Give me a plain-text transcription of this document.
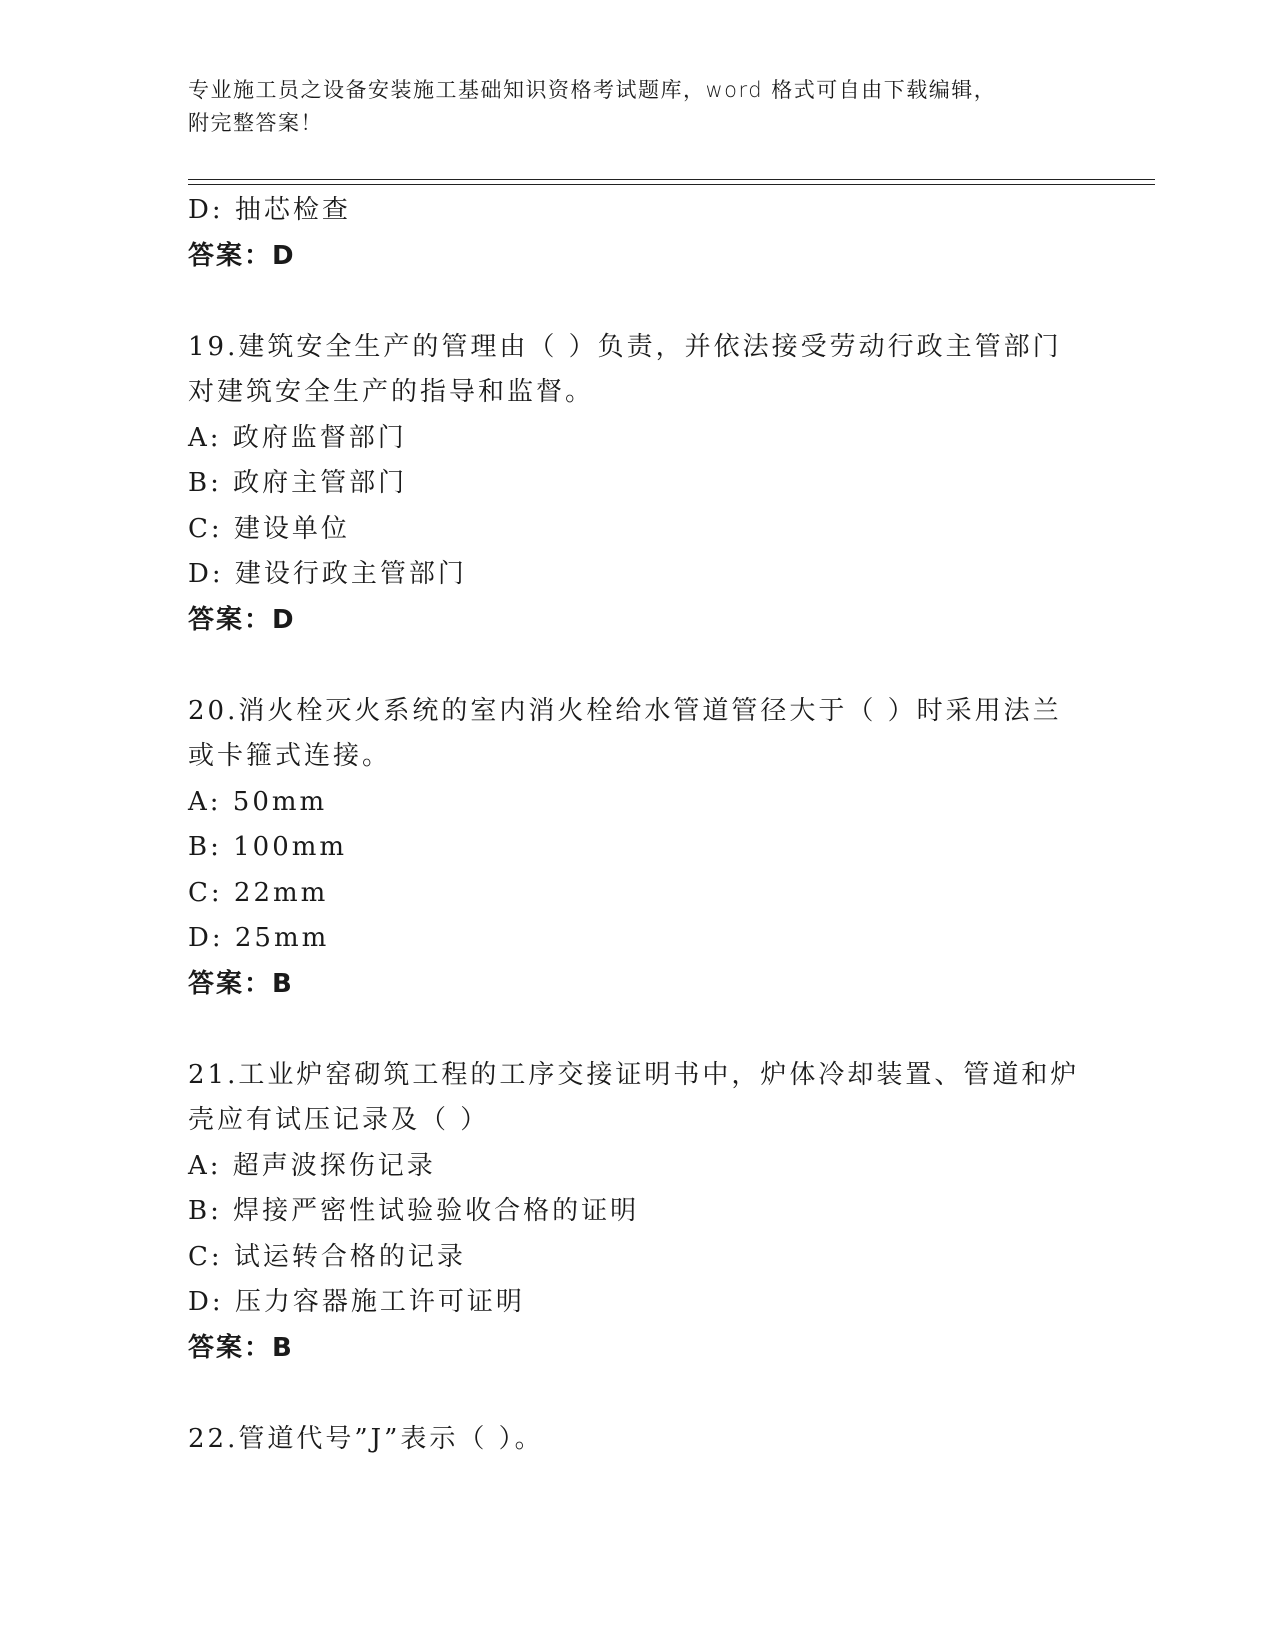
专业施工员之设备安装施工基础知识资格考试题库，word 格式可自由下载编辑，
附完整答案！
D: 抽芯检查
答案：D
19.建筑安全生产的管理由（ ）负责，并依法接受劳动行政主管部门
对建筑安全生产的指导和监督。
A: 政府监督部门
B: 政府主管部门
C: 建设单位
D: 建设行政主管部门
答案：D
20.消火栓灭火系统的室内消火栓给水管道管径大于（ ）时采用法兰
或卡箍式连接。
A: 50mm
B: 100mm
C: 22mm
D: 25mm
答案：B
21.工业炉窑砌筑工程的工序交接证明书中，炉体冷却装置、管道和炉
壳应有试压记录及（ ）
A: 超声波探伤记录
B: 焊接严密性试验验收合格的证明
C: 试运转合格的记录
D: 压力容器施工许可证明
答案：B
22.管道代号”J”表示（ ）。
